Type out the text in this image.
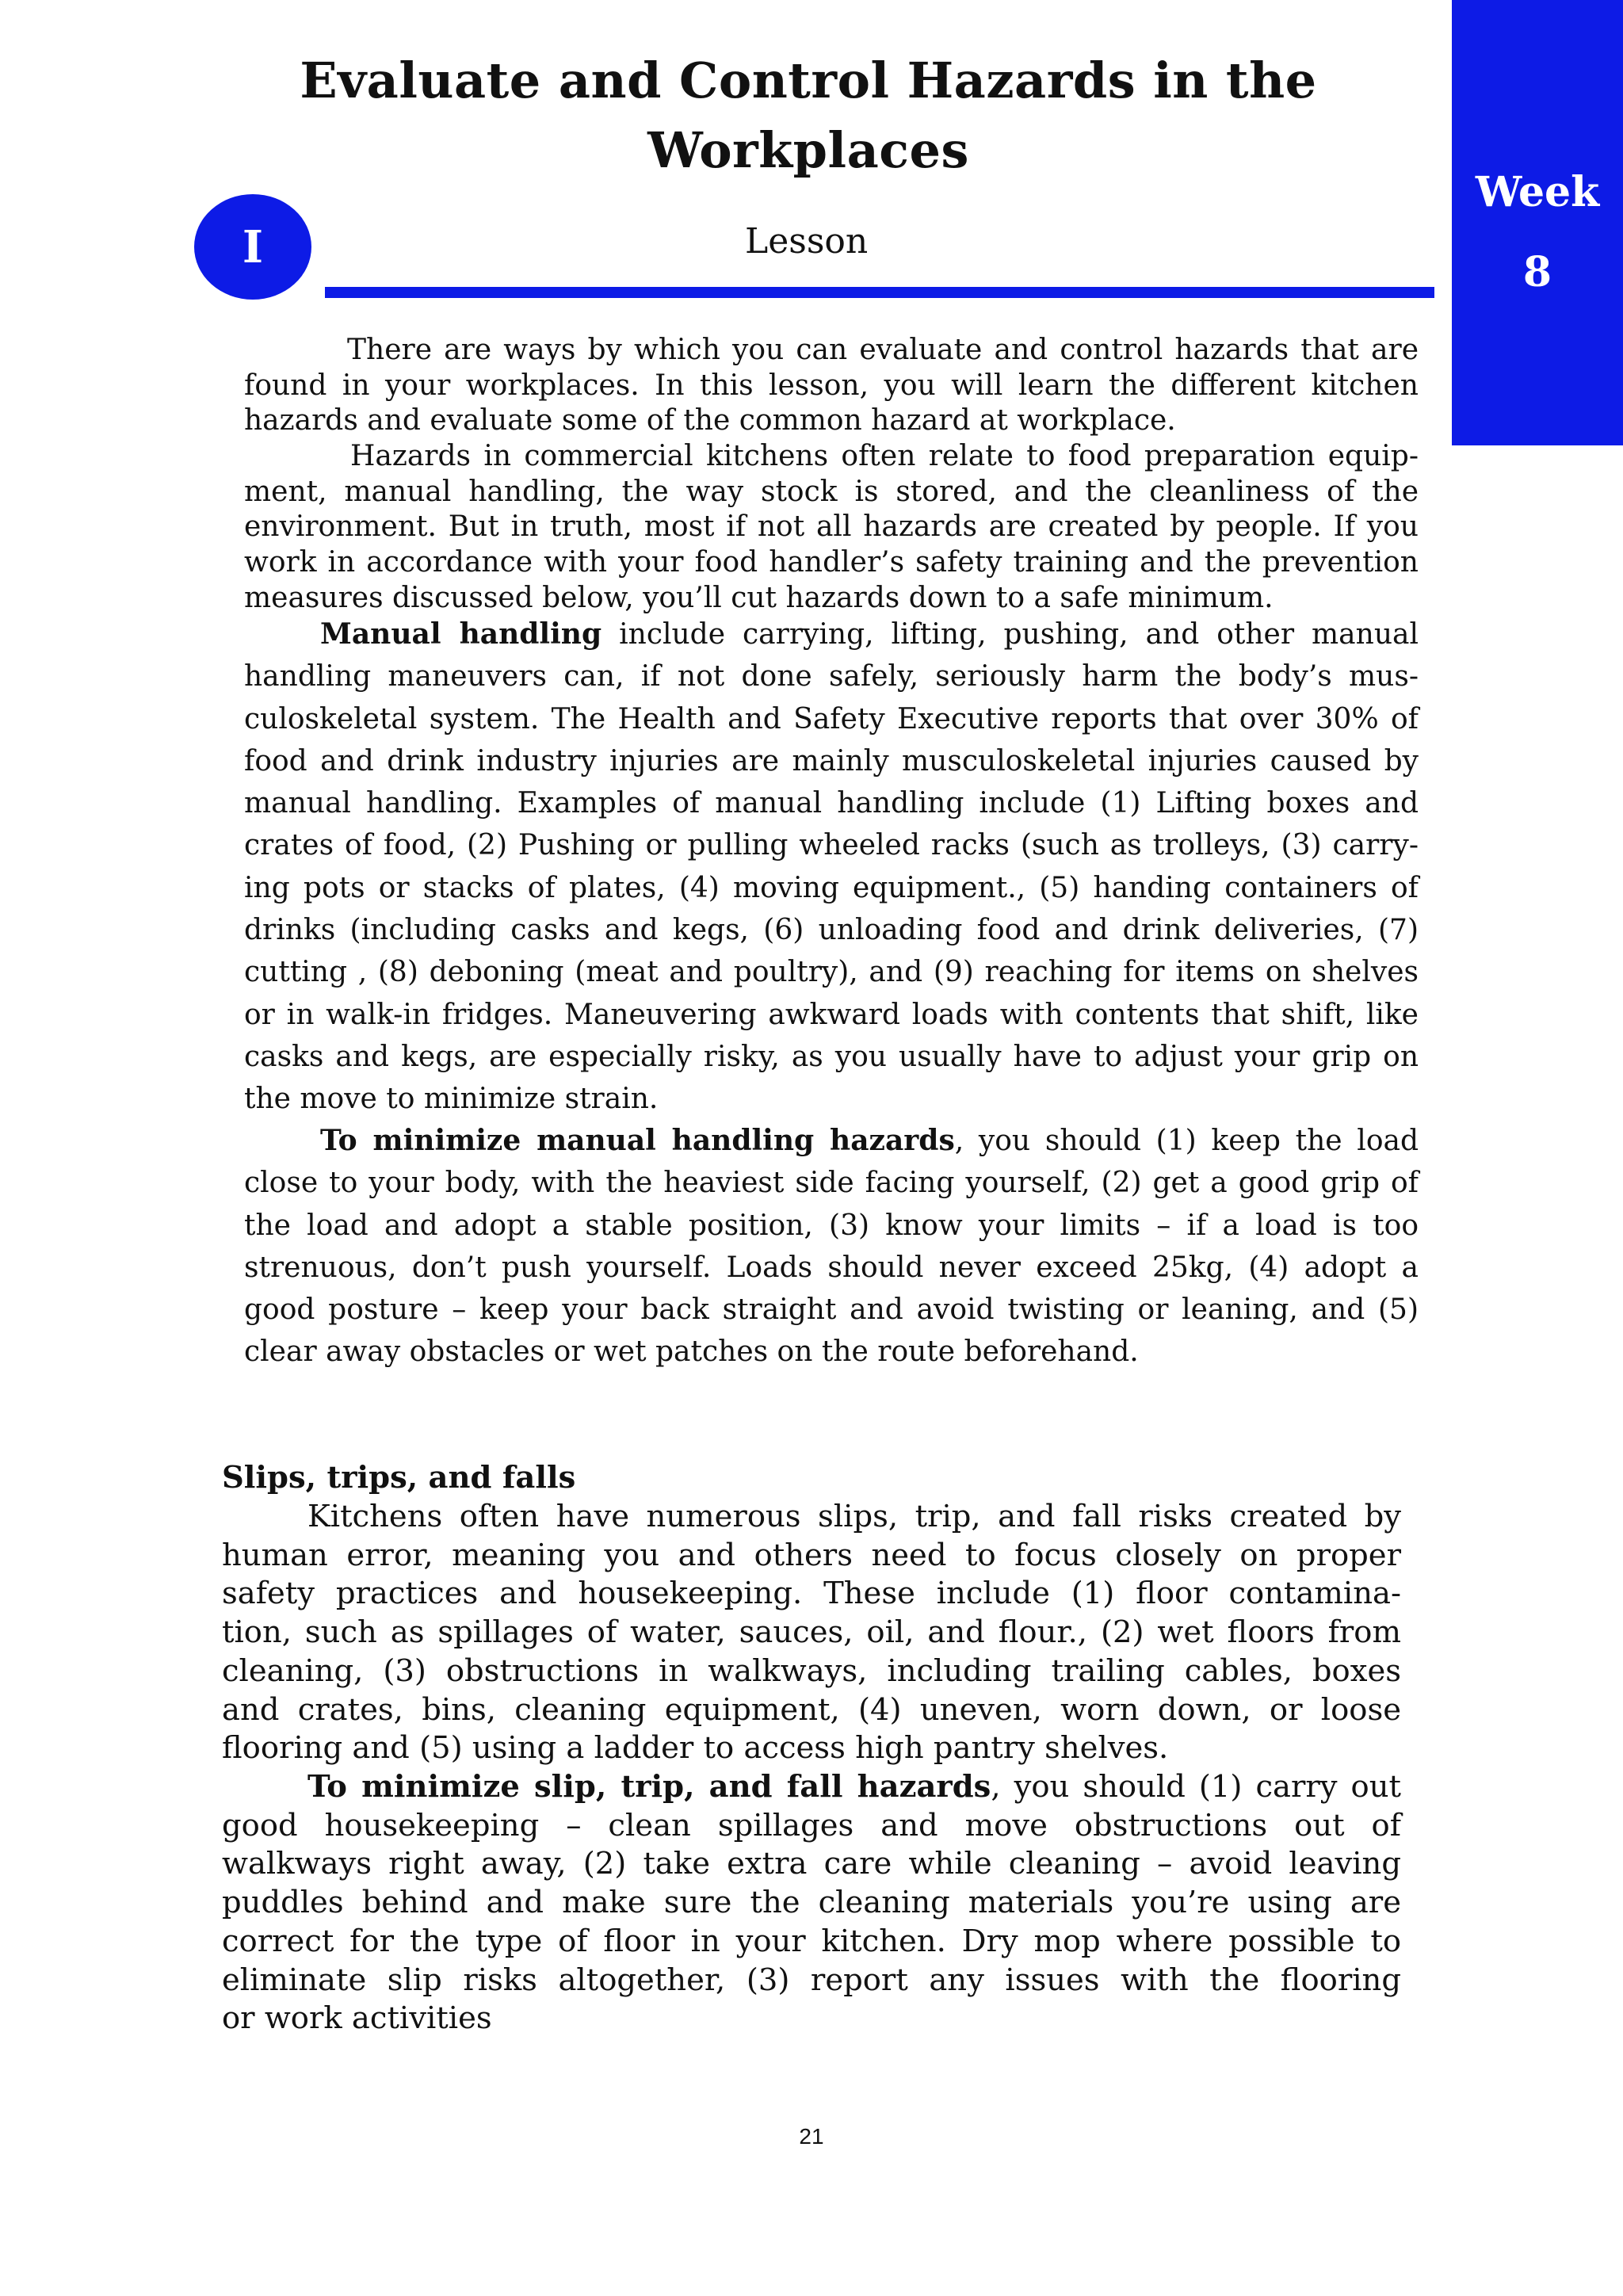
Evaluate and Control Hazards in the Workplaces
Week
8
I	Lesson
There are ways by which you can evaluate and control hazards that are
found in your workplaces. In this lesson, you will learn the different kitchen
hazards and evaluate some of the common hazard at workplace.
Hazards in commercial kitchens often relate to food preparation equip-
ment, manual handling, the way stock is stored, and the cleanliness of the
environment. But in truth, most if not all hazards are created by people. If you
work in accordance with your food handler’s safety training and the prevention
measures discussed below, you’ll cut hazards down to a safe minimum.
Manual handling include carrying, lifting, pushing, and other manual
handling maneuvers can, if not done safely, seriously harm the body’s mus-
culoskeletal system. The Health and Safety Executive reports that over 30% of
food and drink industry injuries are mainly musculoskeletal injuries caused by
manual handling. Examples of manual handling include (1) Lifting boxes and
crates of food, (2) Pushing or pulling wheeled racks (such as trolleys, (3) carry-
ing pots or stacks of plates, (4) moving equipment., (5) handing containers of
drinks (including casks and kegs, (6) unloading food and drink deliveries, (7)
cutting , (8) deboning (meat and poultry), and (9) reaching for items on shelves
or in walk-in fridges. Maneuvering awkward loads with contents that shift, like
casks and kegs, are especially risky, as you usually have to adjust your grip on
the move to minimize strain.
To minimize manual handling hazards, you should (1) keep the load
close to your body, with the heaviest side facing yourself, (2) get a good grip of
the load and adopt a stable position, (3) know your limits – if a load is too
strenuous, don’t push yourself. Loads should never exceed 25kg, (4) adopt a
good posture – keep your back straight and avoid twisting or leaning, and (5)
clear away obstacles or wet patches on the route beforehand.
Slips, trips, and falls
Kitchens often have numerous slips, trip, and fall risks created by
human error, meaning you and others need to focus closely on proper
safety practices and housekeeping. These include (1) floor contamina-
tion, such as spillages of water, sauces, oil, and flour., (2) wet floors from
cleaning, (3) obstructions in walkways, including trailing cables, boxes
and crates, bins, cleaning equipment, (4) uneven, worn down, or loose
flooring and (5) using a ladder to access high pantry shelves.
To minimize slip, trip, and fall hazards, you should (1) carry out
good housekeeping – clean spillages and move obstructions out of
walkways right away, (2) take extra care while cleaning – avoid leaving
puddles behind and make sure the cleaning materials you’re using are
correct for the type of floor in your kitchen. Dry mop where possible to
eliminate slip risks altogether, (3) report any issues with the flooring
or work activities
21
